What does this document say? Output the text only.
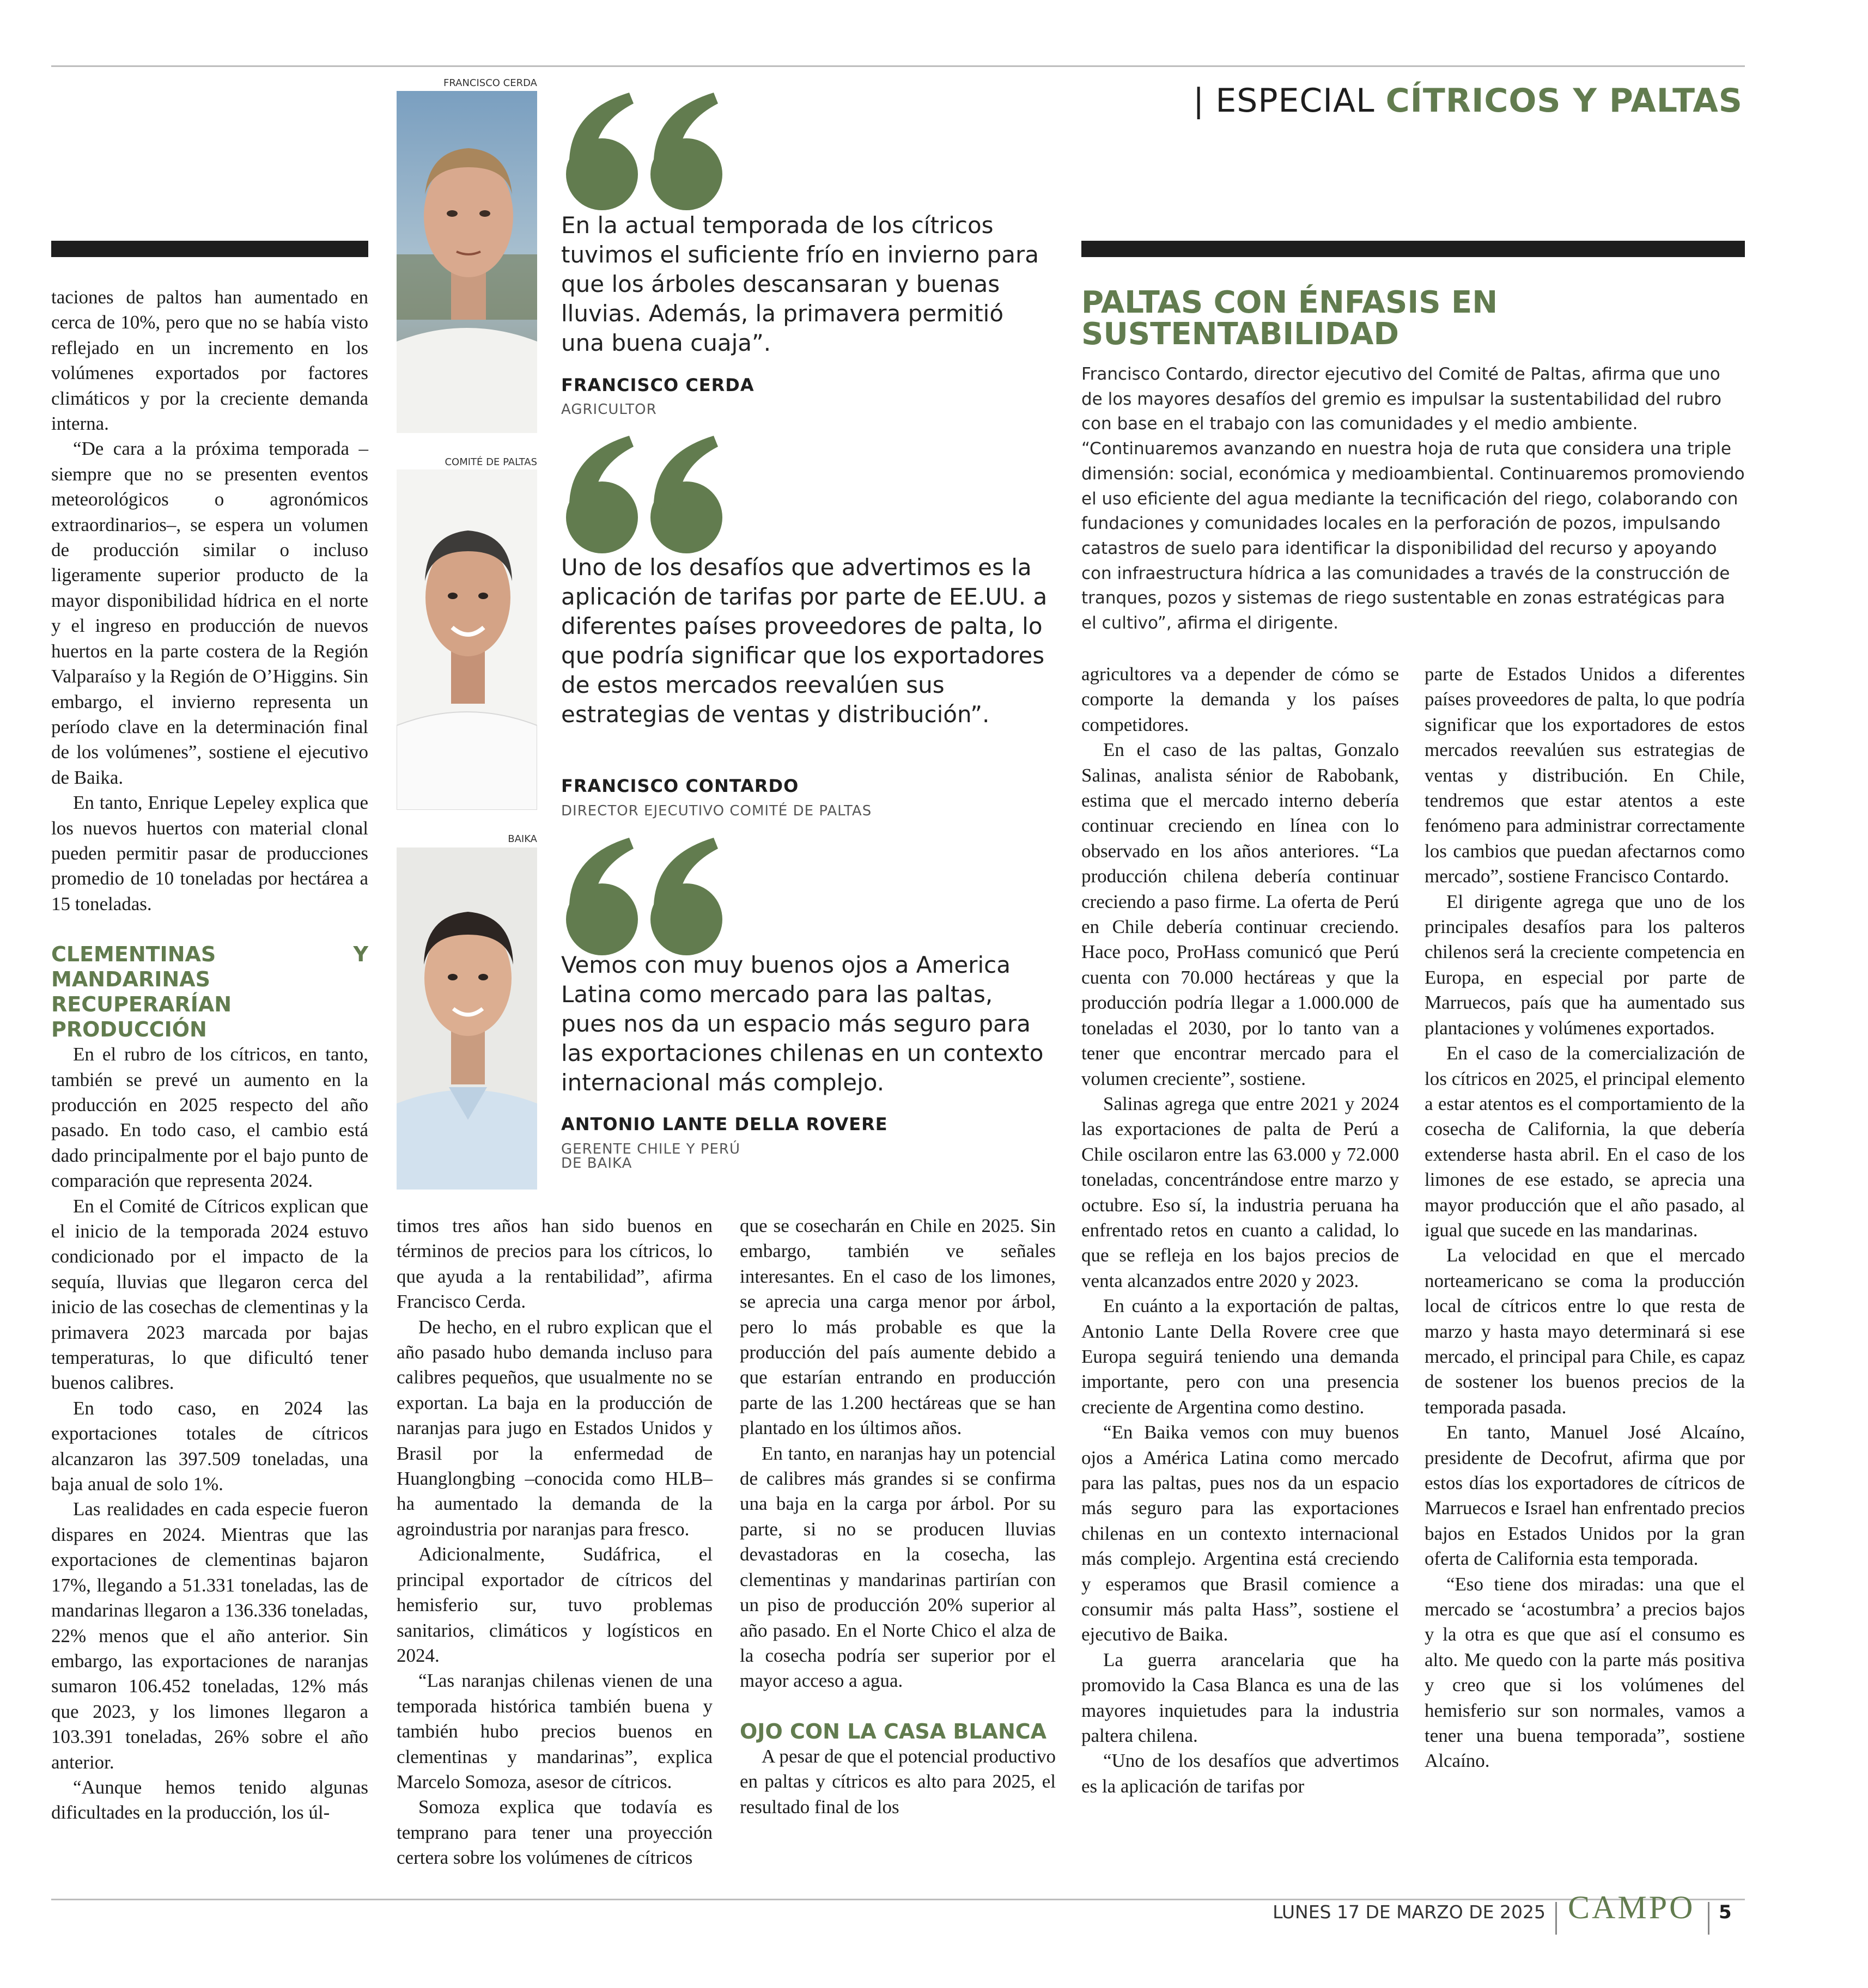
| ESPECIAL CÍTRICOS Y PALTAS

taciones de paltos han aumentado en cerca de 10%, pero que no se había visto reflejado en un incremento en los volúmenes exportados por factores climáticos y por la creciente demanda interna.

“De cara a la próxima temporada –siempre que no se presenten eventos meteorológicos o agronómicos extraordinarios–, se espera un volumen de producción similar o incluso ligeramente superior producto de la mayor disponibilidad hídrica en el norte y el ingreso en producción de nuevos huertos en la parte costera de la Región Valparaíso y la Región de O’Higgins. Sin embargo, el invierno representa un período clave en la determinación final de los volúmenes”, sostiene el ejecutivo de Baika.

En tanto, Enrique Lepeley explica que los nuevos huertos con material clonal pueden permitir pasar de producciones promedio de 10 toneladas por hectárea a 15 toneladas.

CLEMENTINAS Y MANDARINAS RECUPERARÍAN PRODUCCIÓN

En el rubro de los cítricos, en tanto, también se prevé un aumento en la producción en 2025 respecto del año pasado. En todo caso, el cambio está dado principalmente por el bajo punto de comparación que representa 2024.

En el Comité de Cítricos explican que el inicio de la temporada 2024 estuvo condicionado por el impacto de la sequía, lluvias que llegaron cerca del inicio de las cosechas de clementinas y la primavera 2023 marcada por bajas temperaturas, lo que dificultó tener buenos calibres.

En todo caso, en 2024 las exportaciones totales de cítricos alcanzaron las 397.509 toneladas, una baja anual de solo 1%.

Las realidades en cada especie fueron dispares en 2024. Mientras que las exportaciones de clementinas bajaron 17%, llegando a 51.331 toneladas, las de mandarinas llegaron a 136.336 toneladas, 22% menos que el año anterior. Sin embargo, las exportaciones de naranjas sumaron 106.452 toneladas, 12% más que 2023, y los limones llegaron a 103.391 toneladas, 26% sobre el año anterior.

“Aunque hemos tenido algunas dificultades en la producción, los úl-

FRANCISCO CERDA
COMITÉ DE PALTAS
BAIKA
En la actual temporada de los cítricos tuvimos el suficiente frío en invierno para que los árboles descansaran y buenas lluvias. Además, la primavera permitió una buena cuaja”.
FRANCISCO CERDA
AGRICULTOR
Uno de los desafíos que advertimos es la aplicación de tarifas por parte de EE.UU. a diferentes países proveedores de palta, lo que podría significar que los exportadores de estos mercados reevalúen sus estrategias de ventas y distribución”.
FRANCISCO CONTARDO
DIRECTOR EJECUTIVO COMITÉ DE PALTAS
Vemos con muy buenos ojos a America Latina como mercado para las paltas, pues nos da un espacio más seguro para las exportaciones chilenas en un contexto internacional más complejo.
ANTONIO LANTE DELLA ROVERE
GERENTE CHILE Y PERÚ
DE BAIKA

timos tres años han sido buenos en términos de precios para los cítricos, lo que ayuda a la rentabilidad”, afirma Francisco Cerda.

De hecho, en el rubro explican que el año pasado hubo demanda incluso para calibres pequeños, que usualmente no se exportan. La baja en la producción de naranjas para jugo en Estados Unidos y Brasil por la enfermedad de Huanglongbing –conocida como HLB– ha aumentado la demanda de la agroindustria por naranjas para fresco.

Adicionalmente, Sudáfrica, el principal exportador de cítricos del hemisferio sur, tuvo problemas sanitarios, climáticos y logísticos en 2024.

“Las naranjas chilenas vienen de una temporada histórica también buena y también hubo precios buenos en clementinas y mandarinas”, explica Marcelo Somoza, asesor de cítricos.

Somoza explica que todavía es temprano para tener una proyección certera sobre los volúmenes de cítricos

que se cosecharán en Chile en 2025. Sin embargo, también ve señales interesantes. En el caso de los limones, se aprecia una carga menor por árbol, pero lo más probable es que la producción del país aumente debido a que estarían entrando en producción parte de las 1.200 hectáreas que se han plantado en los últimos años.

En tanto, en naranjas hay un potencial de calibres más grandes si se confirma una baja en la carga por árbol. Por su parte, si no se producen lluvias devastadoras en la cosecha, las clementinas y mandarinas partirían con un piso de producción 20% superior al año pasado. En el Norte Chico el alza de la cosecha podría ser superior por el mayor acceso a agua.

OJO CON LA CASA BLANCA

A pesar de que el potencial productivo en paltas y cítricos es alto para 2025, el resultado final de los

PALTAS CON ÉNFASIS EN SUSTENTABILIDAD
Francisco Contardo, director ejecutivo del Comité de Paltas, afirma que uno de los mayores desafíos del gremio es impulsar la sustentabilidad del rubro con base en el trabajo con las comunidades y el medio ambiente. “Continuaremos avanzando en nuestra hoja de ruta que considera una triple dimensión: social, económica y medioambiental. Continuaremos promoviendo el uso eficiente del agua mediante la tecnificación del riego, colaborando con fundaciones y comunidades locales en la perforación de pozos, impulsando catastros de suelo para identificar la disponibilidad del recurso y apoyando con infraestructura hídrica a las comunidades a través de la construcción de tranques, pozos y sistemas de riego sustentable en zonas estratégicas para el cultivo”, afirma el dirigente.

agricultores va a depender de cómo se comporte la demanda y los países competidores.

En el caso de las paltas, Gonzalo Salinas, analista sénior de Rabobank, estima que el mercado interno debería continuar creciendo en línea con lo observado en los años anteriores. “La producción chilena debería continuar creciendo a paso firme. La oferta de Perú en Chile debería continuar creciendo. Hace poco, ProHass comunicó que Perú cuenta con 70.000 hectáreas y que la producción podría llegar a 1.000.000 de toneladas el 2030, por lo tanto van a tener que encontrar mercado para el volumen creciente”, sostiene.

Salinas agrega que entre 2021 y 2024 las exportaciones de palta de Perú a Chile oscilaron entre las 63.000 y 72.000 toneladas, concentrándose entre marzo y octubre. Eso sí, la industria peruana ha enfrentado retos en cuanto a calidad, lo que se refleja en los bajos precios de venta alcanzados entre 2020 y 2023.

En cuánto a la exportación de paltas, Antonio Lante Della Rovere cree que Europa seguirá teniendo una demanda importante, pero con una presencia creciente de Argentina como destino.

“En Baika vemos con muy buenos ojos a América Latina como mercado para las paltas, pues nos da un espacio más seguro para las exportaciones chilenas en un contexto internacional más complejo. Argentina está creciendo y esperamos que Brasil comience a consumir más palta Hass”, sostiene el ejecutivo de Baika.

La guerra arancelaria que ha promovido la Casa Blanca es una de las mayores inquietudes para la industria paltera chilena.

“Uno de los desafíos que advertimos es la aplicación de tarifas por

parte de Estados Unidos a diferentes países proveedores de palta, lo que podría significar que los exportadores de estos mercados reevalúen sus estrategias de ventas y distribución. En Chile, tendremos que estar atentos a este fenómeno para administrar correctamente los cambios que puedan afectarnos como mercado”, sostiene Francisco Contardo.

El dirigente agrega que uno de los principales desafíos para los palteros chilenos será la creciente competencia en Europa, en especial por parte de Marruecos, país que ha aumentado sus plantaciones y volúmenes exportados.

En el caso de la comercialización de los cítricos en 2025, el principal elemento a estar atentos es el comportamiento de la cosecha de California, la que debería extenderse hasta abril. En el caso de los limones de ese estado, se aprecia una mayor producción que el año pasado, al igual que sucede en las mandarinas.

La velocidad en que el mercado norteamericano se coma la producción local de cítricos entre lo que resta de marzo y hasta mayo determinará si ese mercado, el principal para Chile, es capaz de sostener los buenos precios de la temporada pasada.

En tanto, Manuel José Alcaíno, presidente de Decofrut, afirma que por estos días los exportadores de cítricos de Marruecos e Israel han enfrentado precios bajos en Estados Unidos por la gran oferta de California esta temporada.

“Eso tiene dos miradas: una que el mercado se ‘acostumbra’ a precios bajos y la otra es que que así el consumo es alto. Me quedo con la parte más positiva y creo que si los volúmenes del hemisferio sur son normales, vamos a tener una buena temporada”, sostiene Alcaíno.

LUNES 17 DE MARZO DE 2025 CAMPO 5
